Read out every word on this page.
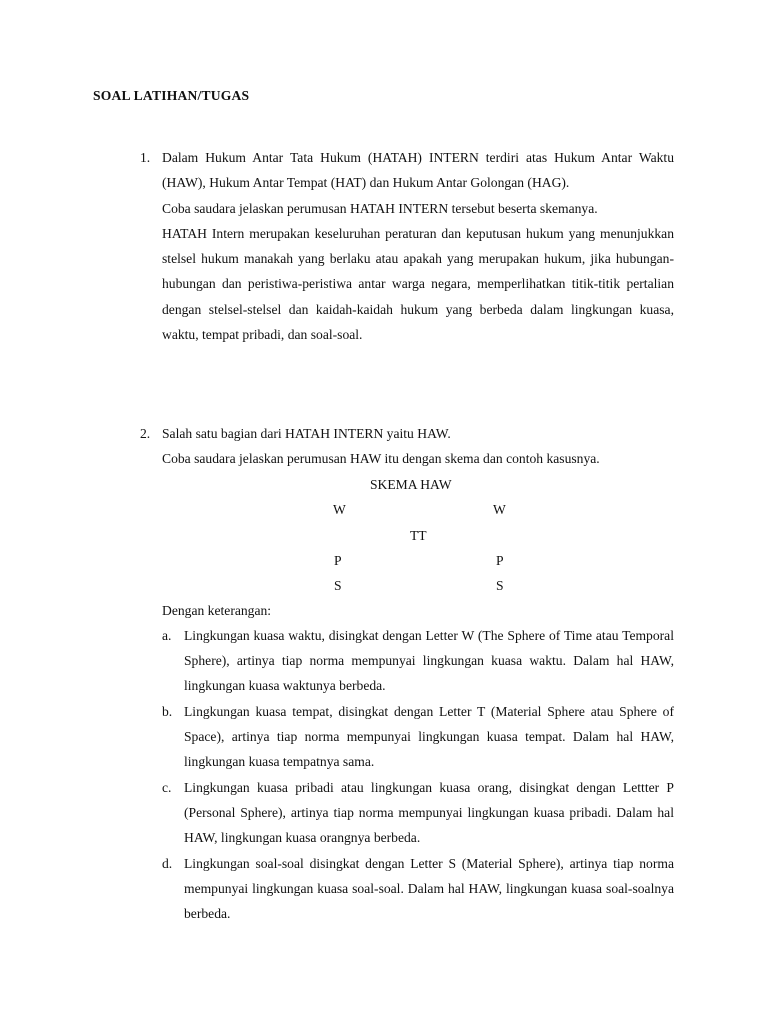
SOAL LATIHAN/TUGAS
1. Dalam Hukum Antar Tata Hukum (HATAH) INTERN terdiri atas Hukum Antar Waktu (HAW), Hukum Antar Tempat (HAT) dan Hukum Antar Golongan (HAG).

Coba saudara jelaskan perumusan HATAH INTERN tersebut beserta skemanya.

HATAH Intern merupakan keseluruhan peraturan dan keputusan hukum yang menunjukkan stelsel hukum manakah yang berlaku atau apakah yang merupakan hukum, jika hubungan-hubungan dan peristiwa-peristiwa antar warga negara, memperlihatkan titik-titik pertalian dengan stelsel-stelsel dan kaidah-kaidah hukum yang berbeda dalam lingkungan kuasa, waktu, tempat pribadi, dan soal-soal.

2. Salah satu bagian dari HATAH INTERN yaitu HAW.

Coba saudara jelaskan perumusan HAW itu dengan skema dan contoh kasusnya.

SKEMA HAW
W	W
TT
P	P
S	S

Dengan keterangan:

a. Lingkungan kuasa waktu, disingkat dengan Letter W (The Sphere of Time atau Temporal Sphere), artinya tiap norma mempunyai lingkungan kuasa waktu. Dalam hal HAW, lingkungan kuasa waktunya berbeda.

b. Lingkungan kuasa tempat, disingkat dengan Letter T (Material Sphere atau Sphere of Space), artinya tiap norma mempunyai lingkungan kuasa tempat. Dalam hal HAW, lingkungan kuasa tempatnya sama.

c. Lingkungan kuasa pribadi atau lingkungan kuasa orang, disingkat dengan Lettter P (Personal Sphere), artinya tiap norma mempunyai lingkungan kuasa pribadi. Dalam hal HAW, lingkungan kuasa orangnya berbeda.

d. Lingkungan soal-soal disingkat dengan Letter S (Material Sphere), artinya tiap norma mempunyai lingkungan kuasa soal-soal. Dalam hal HAW, lingkungan kuasa soal-soalnya berbeda.
